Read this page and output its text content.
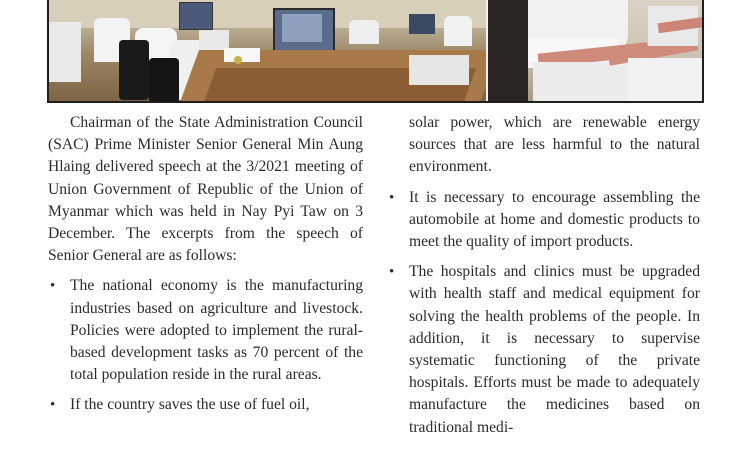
Chairman of the State Administration Council (SAC) Prime Minister Senior General Min Aung Hlaing delivered speech at the 3/2021 meeting of Union Government of Republic of the Union of Myanmar which was held in Nay Pyi Taw on 3 December. The excerpts from the speech of Senior General are as follows:

• The national economy is the manufacturing industries based on agriculture and livestock. Policies were adopted to implement the rural-based development tasks as 70 percent of the total population reside in the rural areas.
• If the country saves the use of fuel oil,

solar power, which are renewable energy sources that are less harmful to the natural environment.

• It is necessary to encourage assembling the automobile at home and domestic products to meet the quality of import products.
• The hospitals and clinics must be upgraded with health staff and medical equipment for solving the health problems of the people. In addition, it is necessary to supervise systematic functioning of the private hospitals. Efforts must be made to adequately manufacture the medicines based on traditional medi-
